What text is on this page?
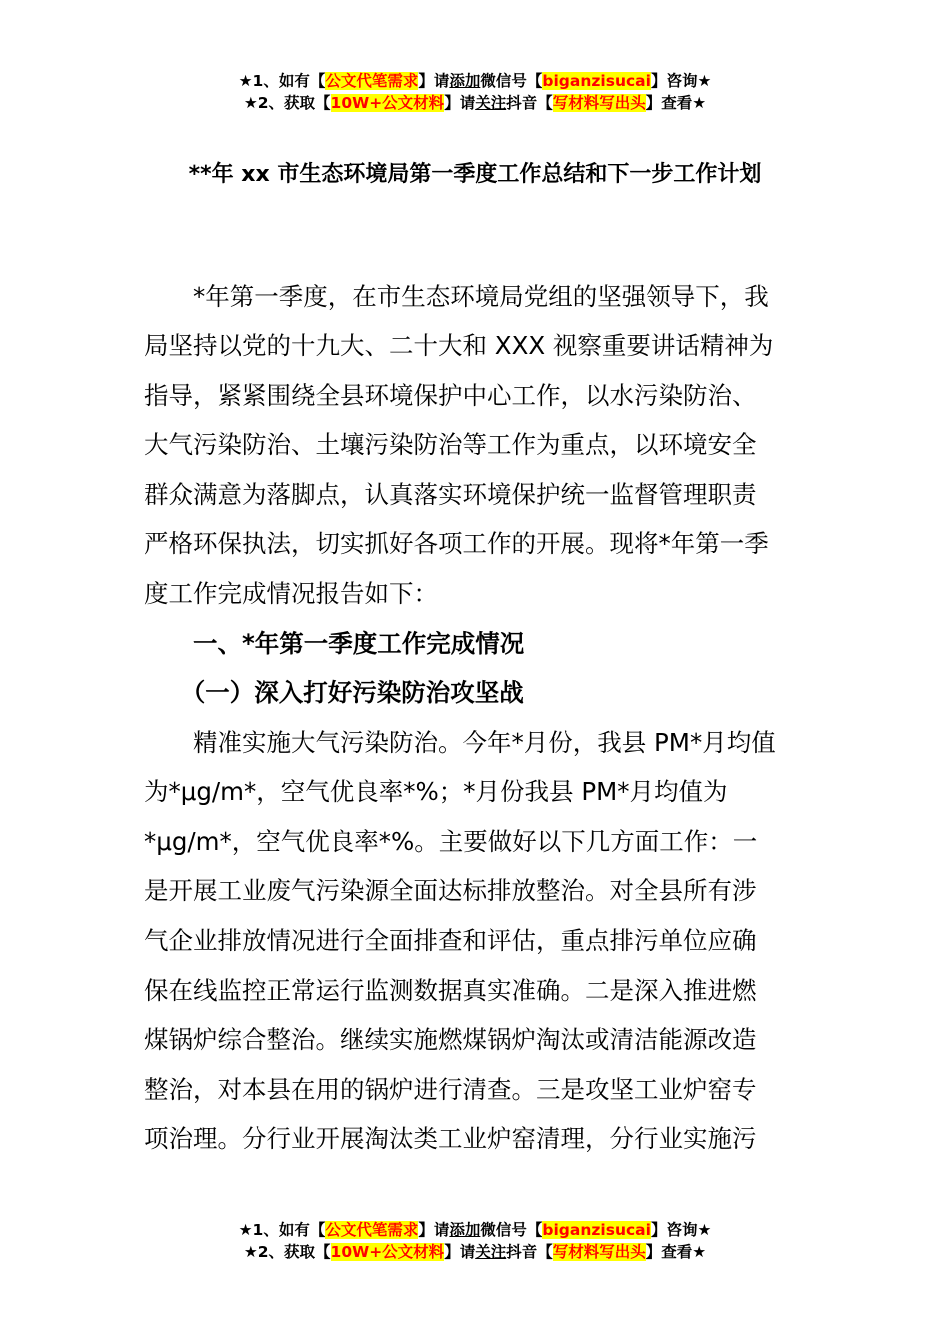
★1、如有【公文代笔需求】请添加微信号【biganzisucai】咨询★
★2、获取【10W+公文材料】请关注抖音【写材料写出头】查看★
**年 xx 市生态环境局第一季度工作总结和下一步工作计划
　　*年第一季度，在市生态环境局党组的坚强领导下，我
局坚持以党的十九大、二十大和 XXX 视察重要讲话精神为
指导，紧紧围绕全县环境保护中心工作，以水污染防治、
大气污染防治、土壤污染防治等工作为重点，以环境安全
群众满意为落脚点，认真落实环境保护统一监督管理职责
严格环保执法，切实抓好各项工作的开展。现将*年第一季
度工作完成情况报告如下：
　　一、*年第一季度工作完成情况
　　（一）深入打好污染防治攻坚战
　　精准实施大气污染防治。今年*月份，我县 PM*月均值
为*μg/m*，空气优良率*%；*月份我县 PM*月均值为
*μg/m*，空气优良率*%。主要做好以下几方面工作：一
是开展工业废气污染源全面达标排放整治。对全县所有涉
气企业排放情况进行全面排查和评估，重点排污单位应确
保在线监控正常运行监测数据真实准确。二是深入推进燃
煤锅炉综合整治。继续实施燃煤锅炉淘汰或清洁能源改造
整治，对本县在用的锅炉进行清查。三是攻坚工业炉窑专
项治理。分行业开展淘汰类工业炉窑清理，分行业实施污
★1、如有【公文代笔需求】请添加微信号【biganzisucai】咨询★
★2、获取【10W+公文材料】请关注抖音【写材料写出头】查看★
